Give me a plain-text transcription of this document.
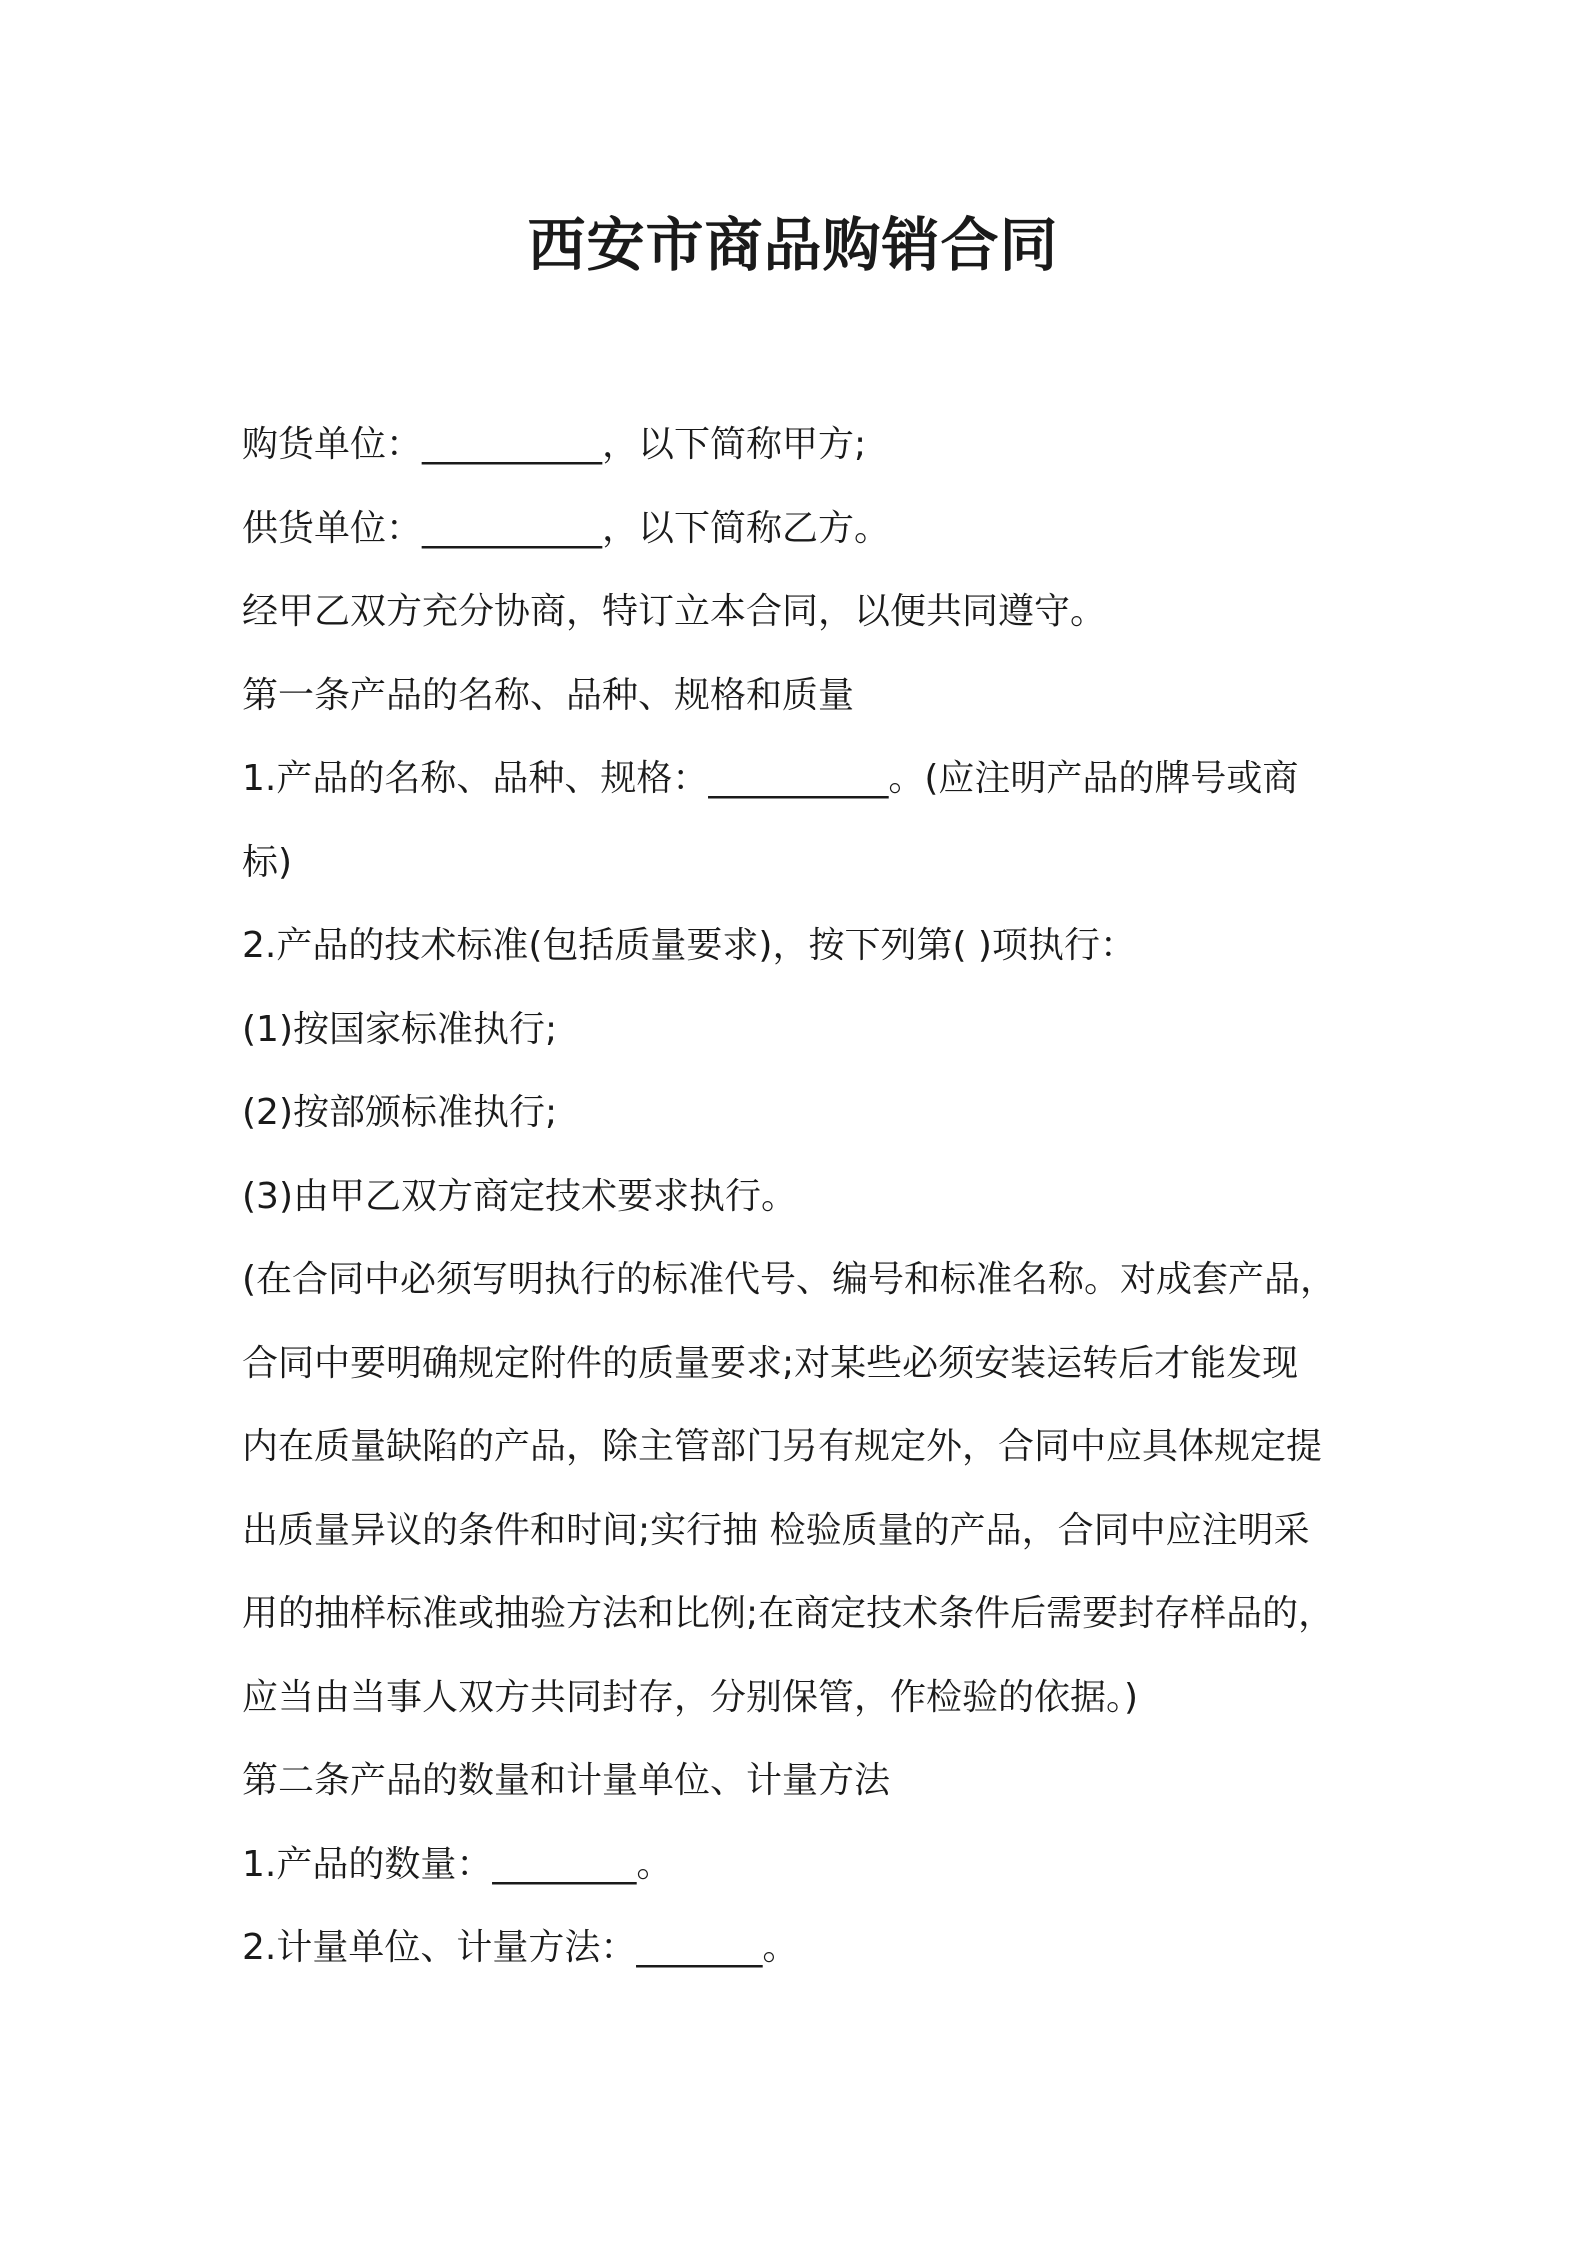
西安市商品购销合同

购货单位：__________，以下简称甲方;

供货单位：__________，以下简称乙方。

经甲乙双方充分协商，特订立本合同，以便共同遵守。

第一条产品的名称、品种、规格和质量

1.产品的名称、品种、规格：__________。(应注明产品的牌号或商

标)

2.产品的技术标准(包括质量要求)，按下列第( )项执行：

(1)按国家标准执行;

(2)按部颁标准执行;

(3)由甲乙双方商定技术要求执行。

(在合同中必须写明执行的标准代号、编号和标准名称。对成套产品，

合同中要明确规定附件的质量要求;对某些必须安装运转后才能发现

内在质量缺陷的产品，除主管部门另有规定外，合同中应具体规定提

出质量异议的条件和时间;实行抽 检验质量的产品，合同中应注明采

用的抽样标准或抽验方法和比例;在商定技术条件后需要封存样品的，

应当由当事人双方共同封存，分别保管，作检验的依据。)

第二条产品的数量和计量单位、计量方法

1.产品的数量：________。

2.计量单位、计量方法：_______。
